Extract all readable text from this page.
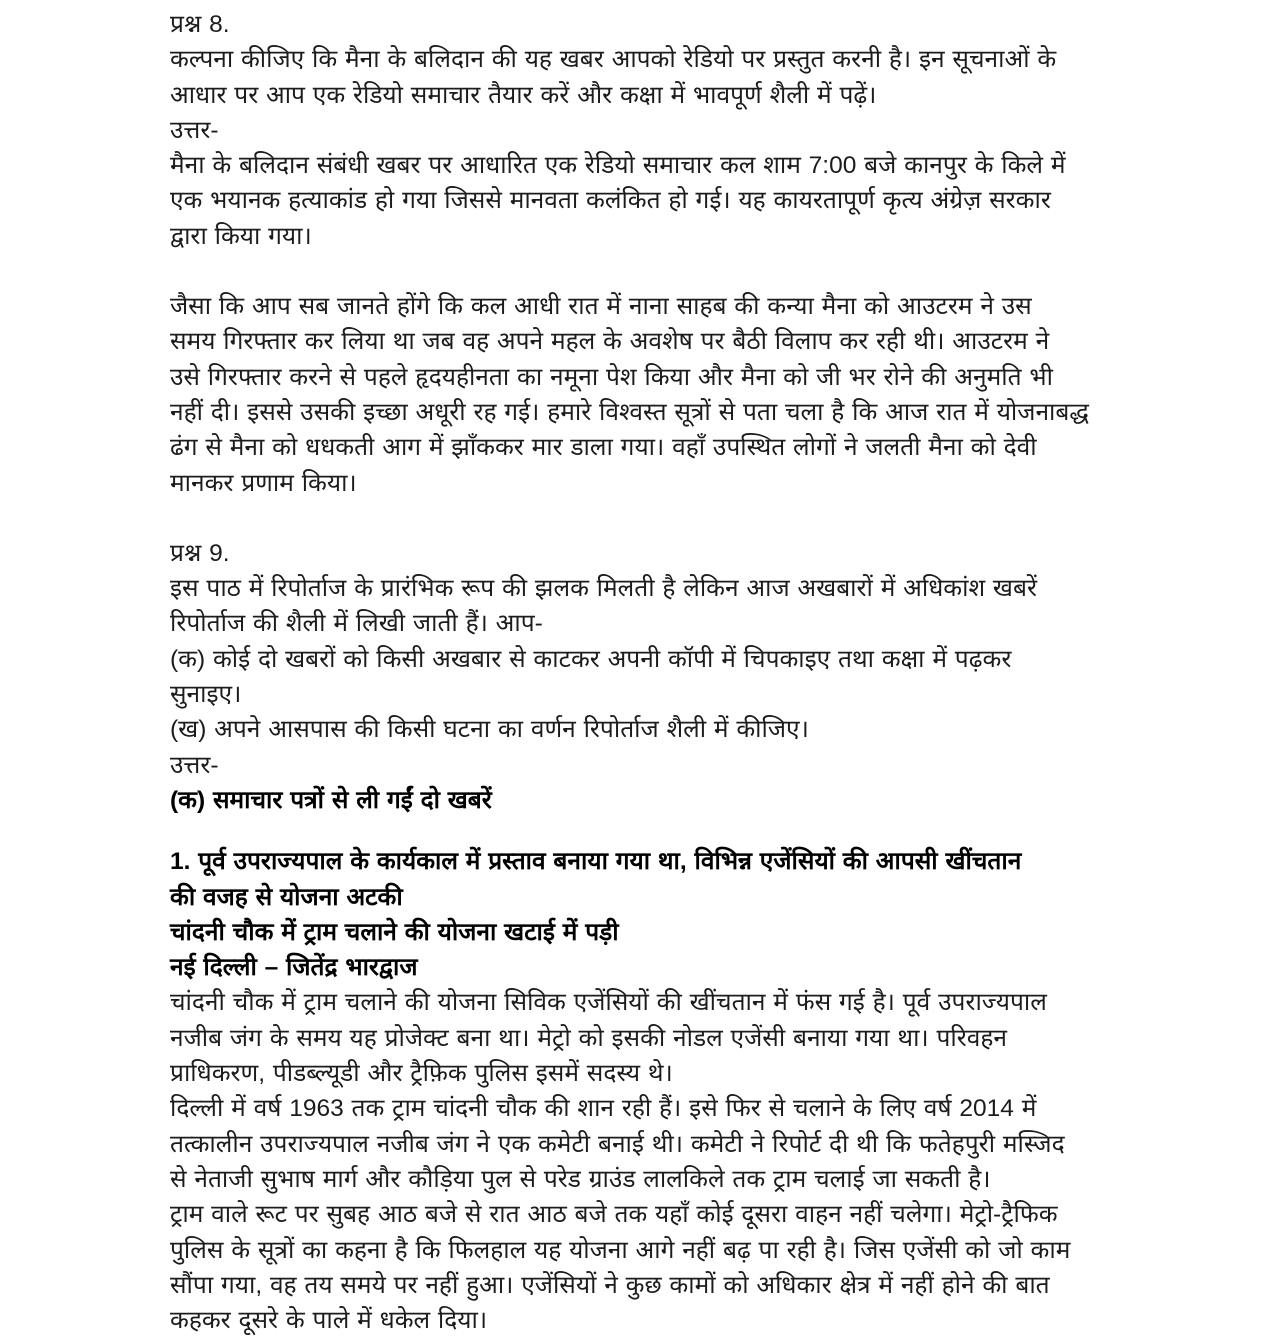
प्रश्न 8.
कल्पना कीजिए कि मैना के बलिदान की यह खबर आपको रेडियो पर प्रस्तुत करनी है। इन सूचनाओं के
आधार पर आप एक रेडियो समाचार तैयार करें और कक्षा में भावपूर्ण शैली में पढ़ें।
उत्तर-
मैना के बलिदान संबंधी खबर पर आधारित एक रेडियो समाचार कल शाम 7:00 बजे कानपुर के किले में
एक भयानक हत्याकांड हो गया जिससे मानवता कलंकित हो गई। यह कायरतापूर्ण कृत्य अंग्रेज़ सरकार
द्वारा किया गया।
जैसा कि आप सब जानते होंगे कि कल आधी रात में नाना साहब की कन्या मैना को आउटरम ने उस
समय गिरफ्तार कर लिया था जब वह अपने महल के अवशेष पर बैठी विलाप कर रही थी। आउटरम ने
उसे गिरफ्तार करने से पहले हृदयहीनता का नमूना पेश किया और मैना को जी भर रोने की अनुमति भी
नहीं दी। इससे उसकी इच्छा अधूरी रह गई। हमारे विश्वस्त सूत्रों से पता चला है कि आज रात में योजनाबद्ध
ढंग से मैना को धधकती आग में झाँककर मार डाला गया। वहाँ उपस्थित लोगों ने जलती मैना को देवी
मानकर प्रणाम किया।
प्रश्न 9.
इस पाठ में रिपोर्ताज के प्रारंभिक रूप की झलक मिलती है लेकिन आज अखबारों में अधिकांश खबरें
रिपोर्ताज की शैली में लिखी जाती हैं। आप-
(क) कोई दो खबरों को किसी अखबार से काटकर अपनी कॉपी में चिपकाइए तथा कक्षा में पढ़कर
सुनाइए।
(ख) अपने आसपास की किसी घटना का वर्णन रिपोर्ताज शैली में कीजिए।
उत्तर-
(क) समाचार पत्रों से ली गईं दो खबरें
1. पूर्व उपराज्यपाल के कार्यकाल में प्रस्ताव बनाया गया था, विभिन्न एजेंसियों की आपसी खींचतान
की वजह से योजना अटकी
चांदनी चौक में ट्राम चलाने की योजना खटाई में पड़ी
नई दिल्ली – जितेंद्र भारद्वाज
चांदनी चौक में ट्राम चलाने की योजना सिविक एजेंसियों की खींचतान में फंस गई है। पूर्व उपराज्यपाल
नजीब जंग के समय यह प्रोजेक्ट बना था। मेट्रो को इसकी नोडल एजेंसी बनाया गया था। परिवहन
प्राधिकरण, पीडब्ल्यूडी और ट्रैफ़िक पुलिस इसमें सदस्य थे।
दिल्ली में वर्ष 1963 तक ट्राम चांदनी चौक की शान रही हैं। इसे फिर से चलाने के लिए वर्ष 2014 में
तत्कालीन उपराज्यपाल नजीब जंग ने एक कमेटी बनाई थी। कमेटी ने रिपोर्ट दी थी कि फतेहपुरी मस्जिद
से नेताजी सुभाष मार्ग और कौड़िया पुल से परेड ग्राउंड लालकिले तक ट्राम चलाई जा सकती है।
ट्राम वाले रूट पर सुबह आठ बजे से रात आठ बजे तक यहाँ कोई दूसरा वाहन नहीं चलेगा। मेट्रो-ट्रैफिक
पुलिस के सूत्रों का कहना है कि फिलहाल यह योजना आगे नहीं बढ़ पा रही है। जिस एजेंसी को जो काम
सौंपा गया, वह तय समये पर नहीं हुआ। एजेंसियों ने कुछ कामों को अधिकार क्षेत्र में नहीं होने की बात
कहकर दूसरे के पाले में धकेल दिया।
